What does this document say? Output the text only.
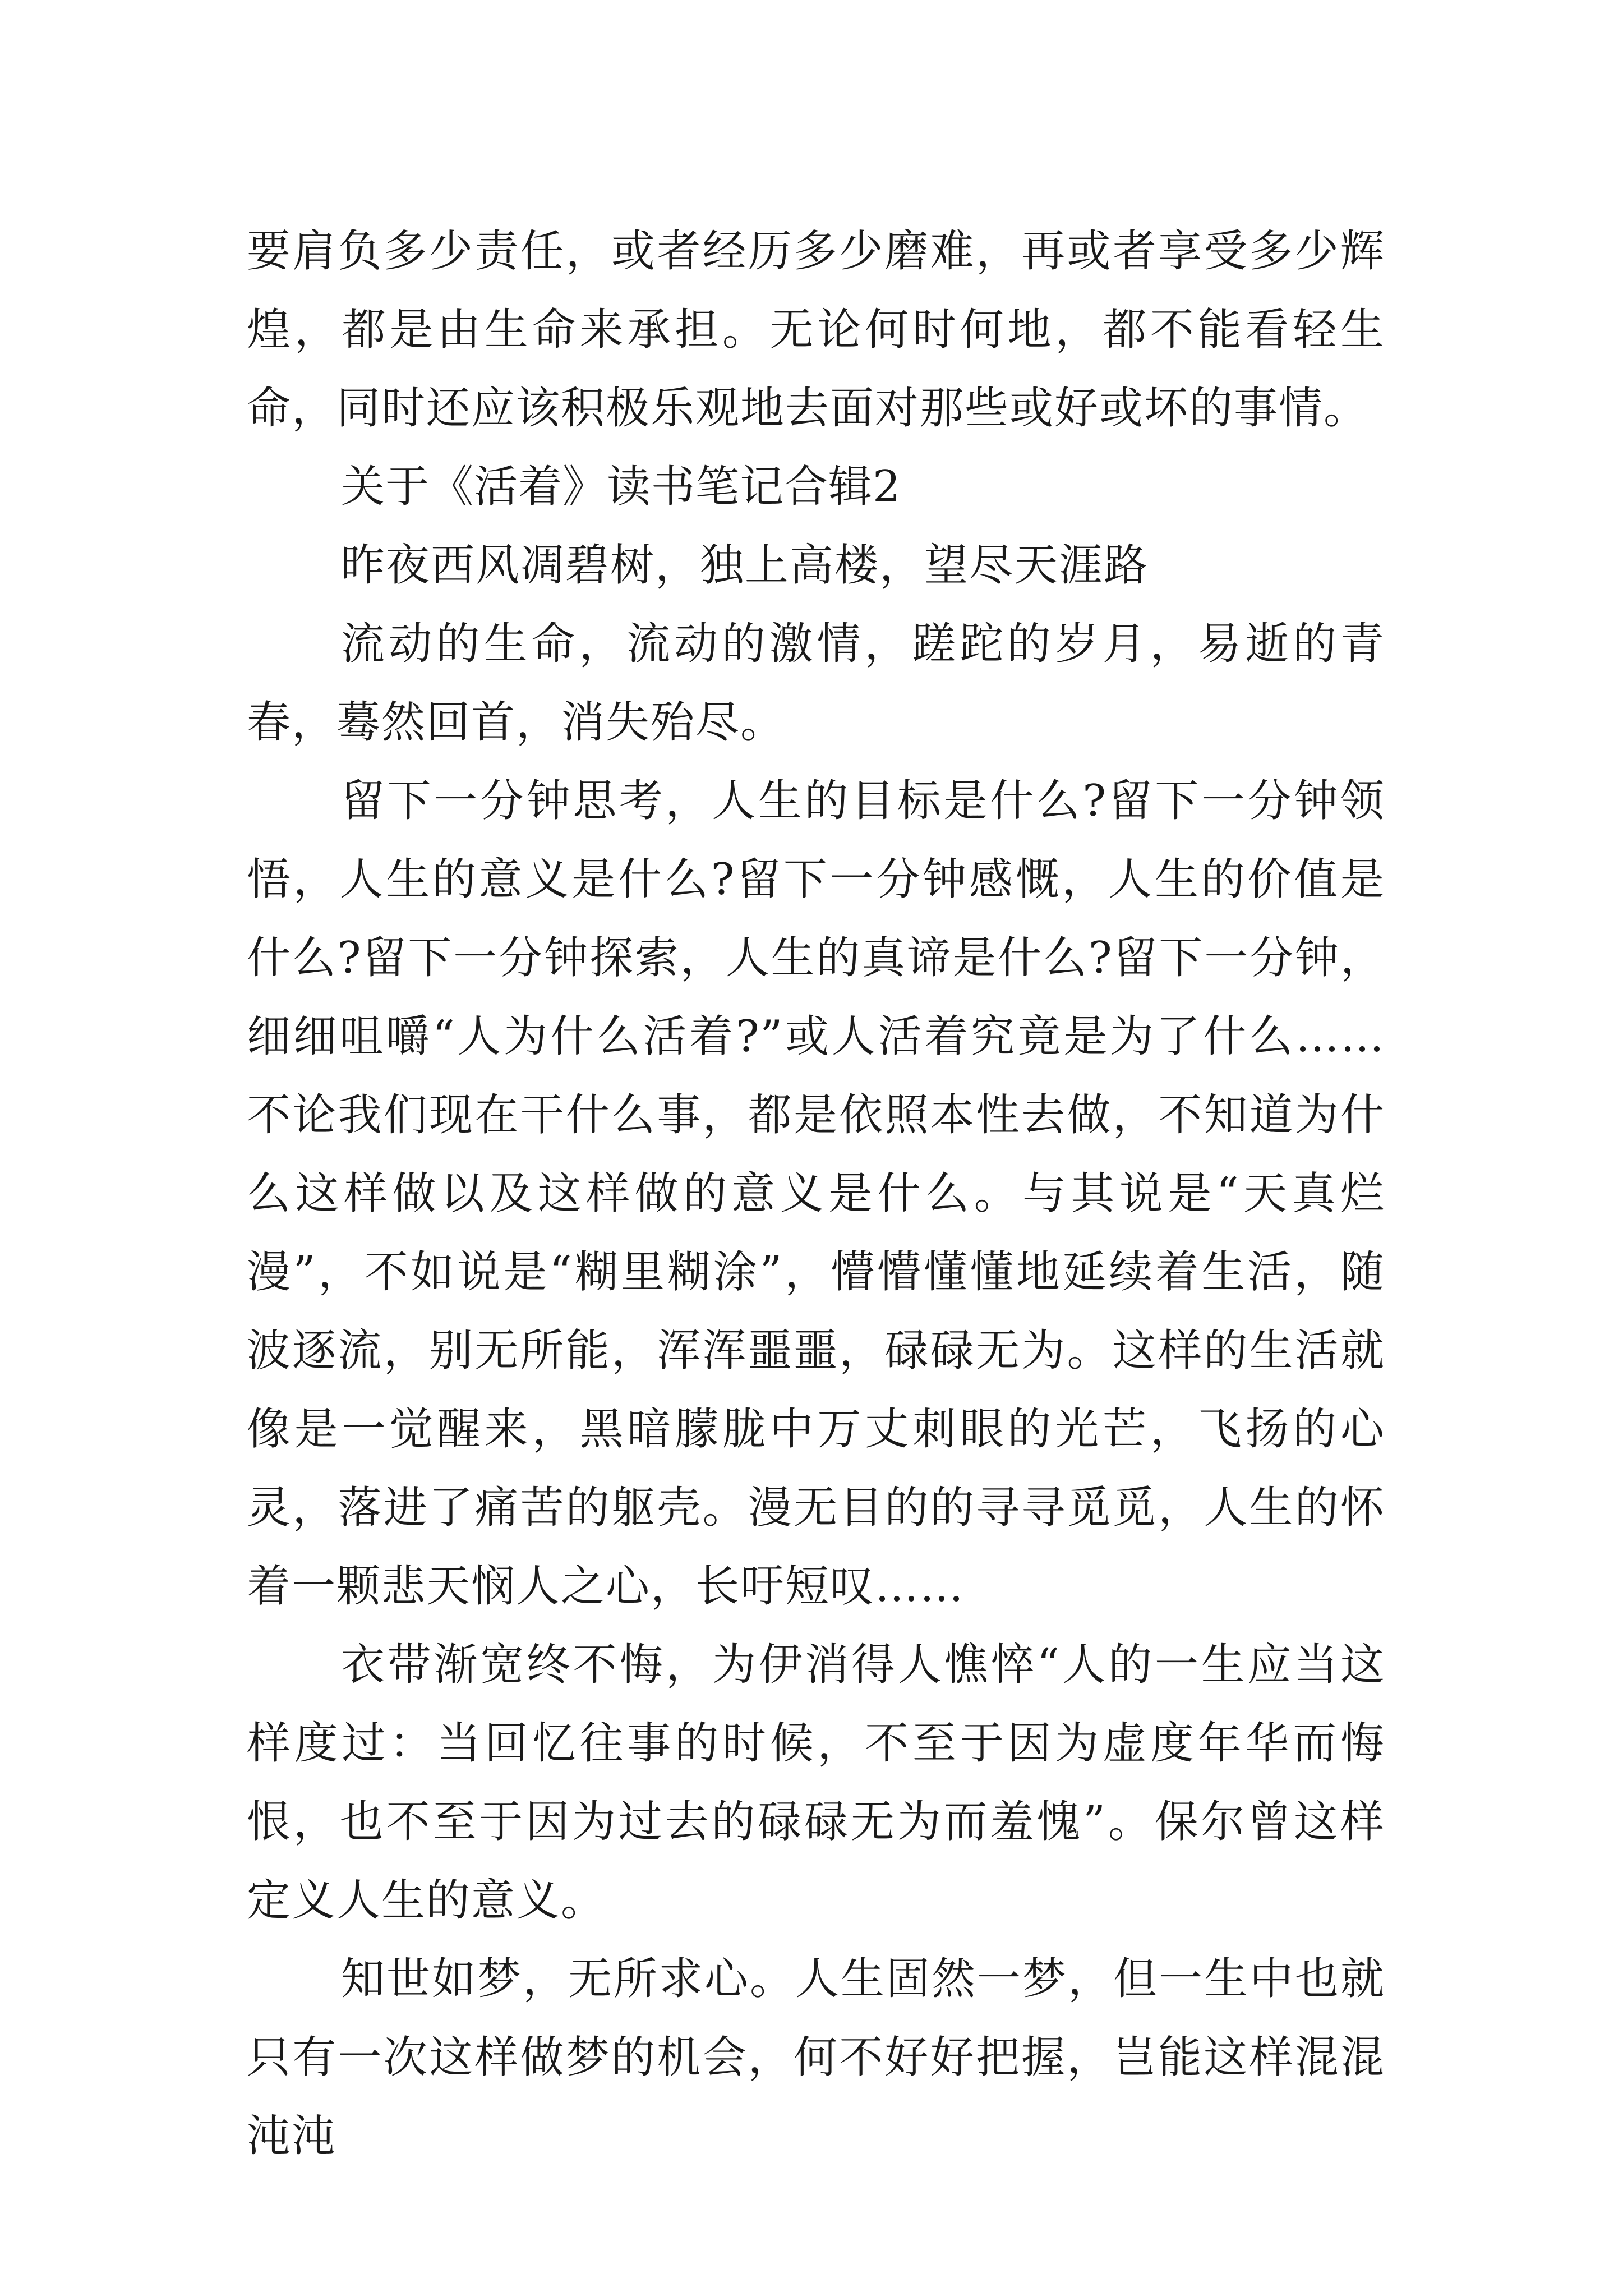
要肩负多少责任，或者经历多少磨难，再或者享受多少辉煌，都是由生命来承担。无论何时何地，都不能看轻生命，同时还应该积极乐观地去面对那些或好或坏的事情。

关于《活着》读书笔记合辑2

昨夜西风凋碧树，独上高楼，望尽天涯路

流动的生命，流动的激情，蹉跎的岁月，易逝的青春，蓦然回首，消失殆尽。

留下一分钟思考，人生的目标是什么?留下一分钟领悟，人生的意义是什么?留下一分钟感慨，人生的价值是什么?留下一分钟探索，人生的真谛是什么?留下一分钟，细细咀嚼“人为什么活着?”或人活着究竟是为了什么……不论我们现在干什么事，都是依照本性去做，不知道为什么这样做以及这样做的意义是什么。与其说是“天真烂漫”，不如说是“糊里糊涂”，懵懵懂懂地延续着生活，随波逐流，别无所能，浑浑噩噩，碌碌无为。这样的生活就像是一觉醒来，黑暗朦胧中万丈刺眼的光芒，飞扬的心灵，落进了痛苦的躯壳。漫无目的的寻寻觅觅，人生的怀着一颗悲天悯人之心，长吁短叹……

衣带渐宽终不悔，为伊消得人憔悴“人的一生应当这样度过：当回忆往事的时候，不至于因为虚度年华而悔恨，也不至于因为过去的碌碌无为而羞愧”。保尔曾这样定义人生的意义。

知世如梦，无所求心。人生固然一梦，但一生中也就只有一次这样做梦的机会，何不好好把握，岂能这样混混沌沌
